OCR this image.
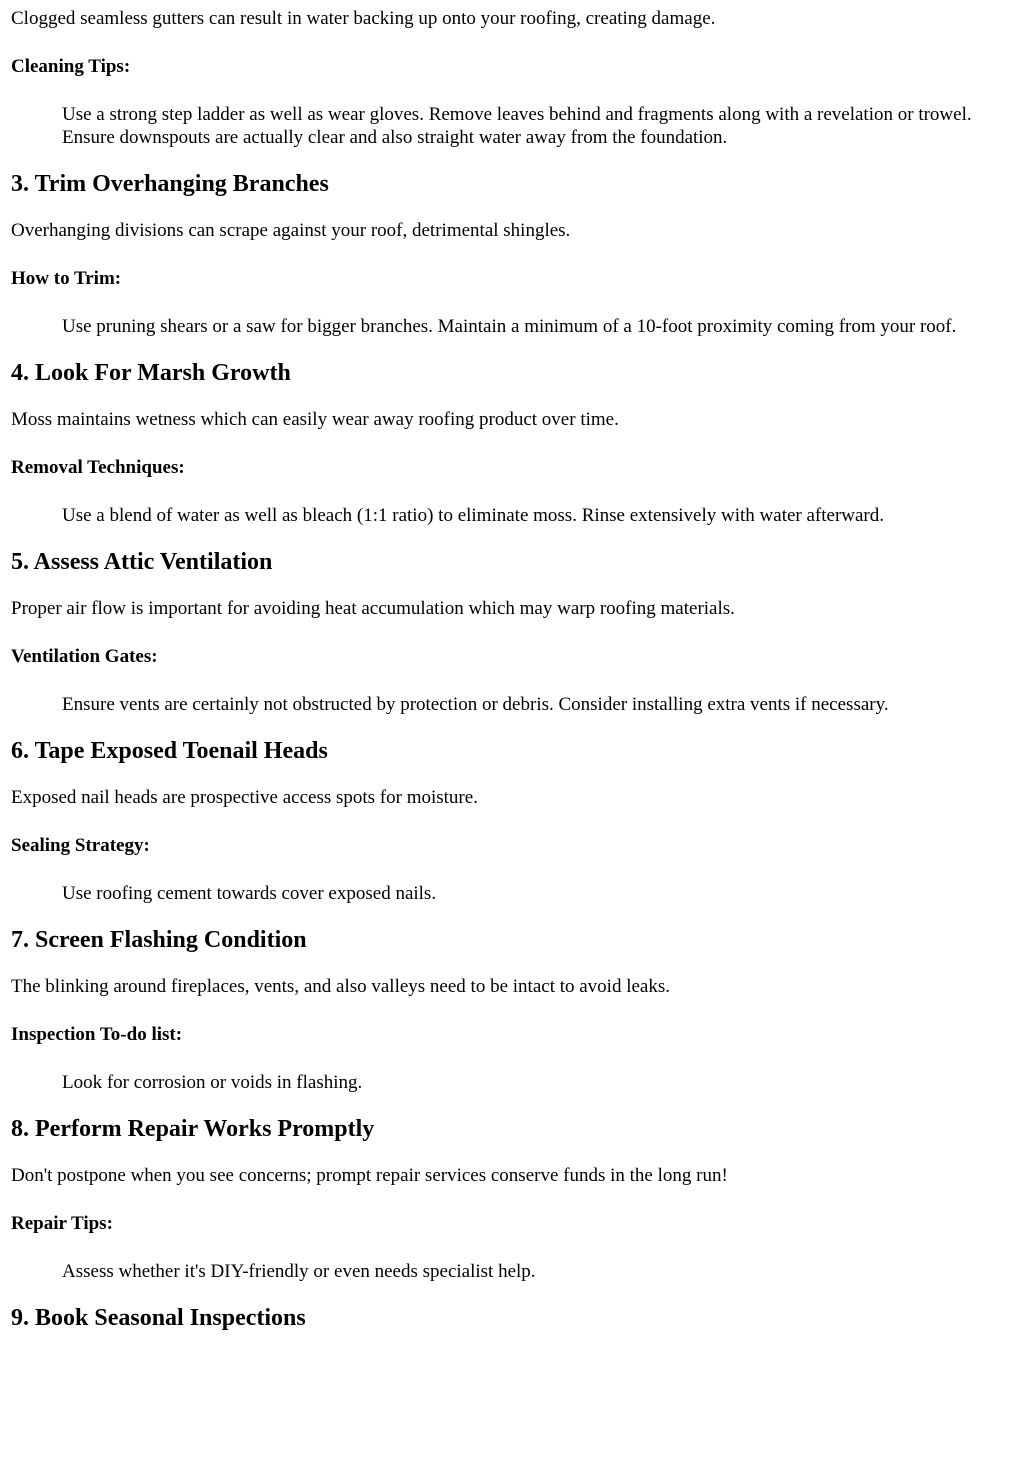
Clogged seamless gutters can result in water backing up onto your roofing, creating damage.

Cleaning Tips:

Use a strong step ladder as well as wear gloves. Remove leaves behind and fragments along with a revelation or trowel. Ensure downspouts are actually clear and also straight water away from the foundation.

3. Trim Overhanging Branches

Overhanging divisions can scrape against your roof, detrimental shingles.

How to Trim:

Use pruning shears or a saw for bigger branches. Maintain a minimum of a 10-foot proximity coming from your roof.

4. Look For Marsh Growth

Moss maintains wetness which can easily wear away roofing product over time.

Removal Techniques:

Use a blend of water as well as bleach (1:1 ratio) to eliminate moss. Rinse extensively with water afterward.

5. Assess Attic Ventilation

Proper air flow is important for avoiding heat accumulation which may warp roofing materials.

Ventilation Gates:

Ensure vents are certainly not obstructed by protection or debris. Consider installing extra vents if necessary.

6. Tape Exposed Toenail Heads

Exposed nail heads are prospective access spots for moisture.

Sealing Strategy:

Use roofing cement towards cover exposed nails.

7. Screen Flashing Condition

The blinking around fireplaces, vents, and also valleys need to be intact to avoid leaks.

Inspection To-do list:

Look for corrosion or voids in flashing.

8. Perform Repair Works Promptly

Don't postpone when you see concerns; prompt repair services conserve funds in the long run!

Repair Tips:

Assess whether it's DIY-friendly or even needs specialist help.

9. Book Seasonal Inspections
